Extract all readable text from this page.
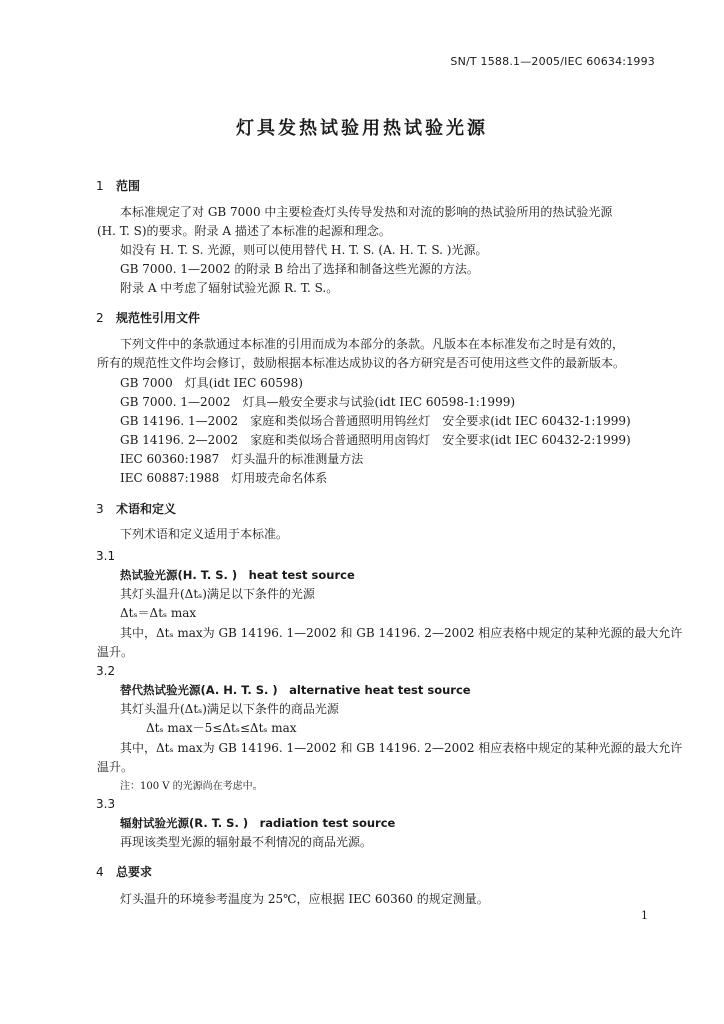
SN/T 1588.1—2005/IEC 60634:1993
灯具发热试验用热试验光源
1 范围
本标准规定了对 GB 7000 中主要检查灯头传导发热和对流的影响的热试验所用的热试验光源
(H. T. S)的要求。附录 A 描述了本标准的起源和理念。
如没有 H. T. S. 光源，则可以使用替代 H. T. S. (A. H. T. S. )光源。
GB 7000. 1—2002 的附录 B 给出了选择和制备这些光源的方法。
附录 A 中考虑了辐射试验光源 R. T. S.。
2 规范性引用文件
下列文件中的条款通过本标准的引用而成为本部分的条款。凡版本在本标准发布之时是有效的，
所有的规范性文件均会修订，鼓励根据本标准达成协议的各方研究是否可使用这些文件的最新版本。
GB 7000　灯具(idt IEC 60598)
GB 7000. 1—2002　灯具—般安全要求与试验(idt IEC 60598-1:1999)
GB 14196. 1—2002　家庭和类似场合普通照明用钨丝灯　安全要求(idt IEC 60432-1:1999)
GB 14196. 2—2002　家庭和类似场合普通照明用卤钨灯　安全要求(idt IEC 60432-2:1999)
IEC 60360:1987　灯头温升的标准测量方法
IEC 60887:1988　灯用玻壳命名体系
3 术语和定义
下列术语和定义适用于本标准。
3.1
热试验光源(H. T. S. )　heat test source
其灯头温升(Δtₛ)满足以下条件的光源
Δtₛ＝Δtₛ max
其中，Δtₛ max为 GB 14196. 1—2002 和 GB 14196. 2—2002 相应表格中规定的某种光源的最大允许
温升。
3.2
替代热试验光源(A. H. T. S. )　alternative heat test source
其灯头温升(Δtₛ)满足以下条件的商品光源
Δtₛ max－5≤Δtₛ≤Δtₛ max
其中，Δtₛ max为 GB 14196. 1—2002 和 GB 14196. 2—2002 相应表格中规定的某种光源的最大允许
温升。
注：100 V 的光源尚在考虑中。
3.3
辐射试验光源(R. T. S. )　radiation test source
再现该类型光源的辐射最不利情况的商品光源。
4 总要求
灯头温升的环境参考温度为 25℃，应根据 IEC 60360 的规定测量。
1
